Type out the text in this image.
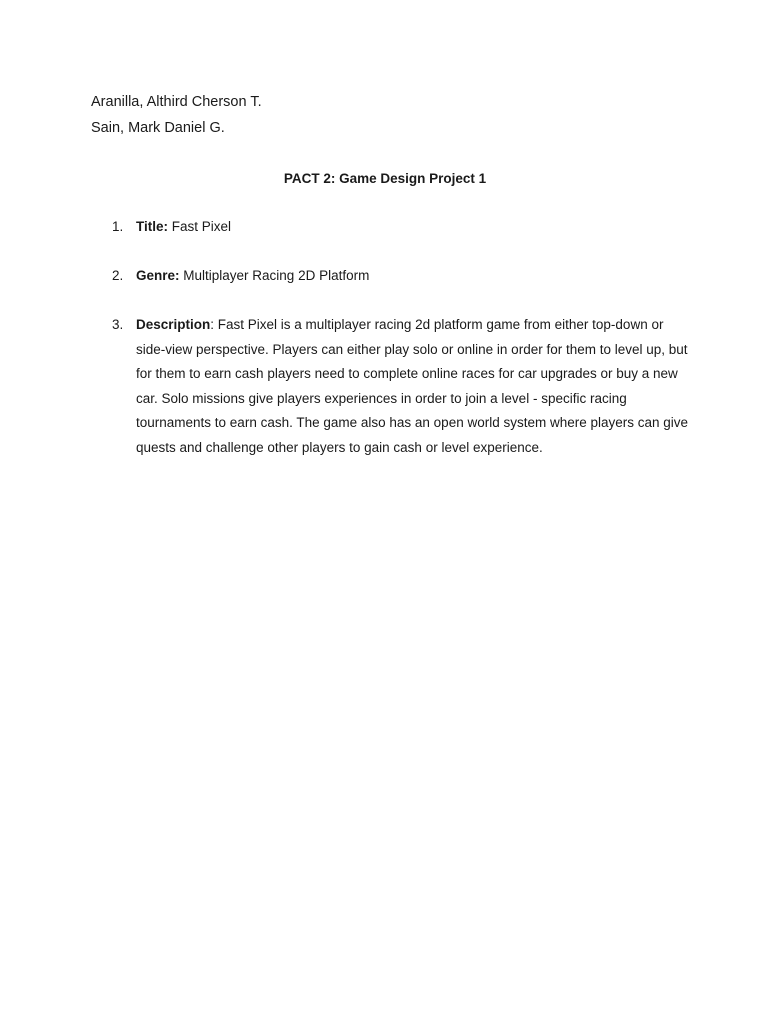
Aranilla, Althird Cherson T.
Sain, Mark Daniel G.
PACT 2: Game Design Project 1
1. Title: Fast Pixel
2. Genre: Multiplayer Racing 2D Platform
3. Description: Fast Pixel is a multiplayer racing 2d platform game from either top-down or side-view perspective. Players can either play solo or online in order for them to level up, but for them to earn cash players need to complete online races for car upgrades or buy a new car. Solo missions give players experiences in order to join a level - specific racing tournaments to earn cash. The game also has an open world system where players can give quests and challenge other players to gain cash or level experience.
